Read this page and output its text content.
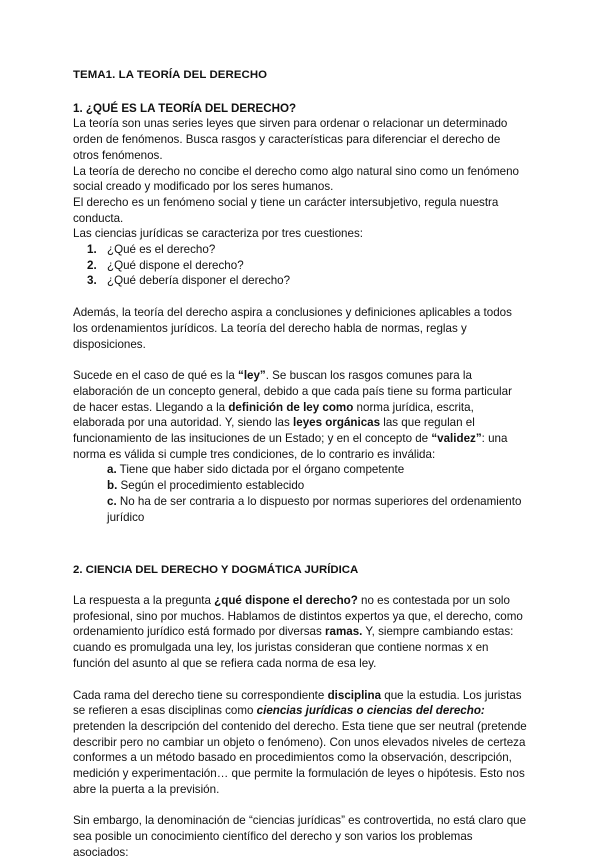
TEMA1. LA TEORÍA DEL DERECHO
1. ¿QUÉ ES LA TEORÍA DEL DERECHO?

La teoría son unas series leyes que sirven para ordenar o relacionar un determinado orden de fenómenos. Busca rasgos y características para diferenciar el derecho de otros fenómenos.

La teoría de derecho no concibe el derecho como algo natural sino como un fenómeno social creado y modificado por los seres humanos.

El derecho es un fenómeno social y tiene un carácter intersubjetivo, regula nuestra conducta.

Las ciencias jurídicas se caracteriza por tres cuestiones:

1. ¿Qué es el derecho?
2. ¿Qué dispone el derecho?
3. ¿Qué debería disponer el derecho?

Además, la teoría del derecho aspira a conclusiones y definiciones aplicables a todos los ordenamientos jurídicos. La teoría del derecho habla de normas, reglas y disposiciones.

Sucede en el caso de qué es la “ley”. Se buscan los rasgos comunes para la elaboración de un concepto general, debido a que cada país tiene su forma particular de hacer estas. Llegando a la definición de ley como norma jurídica, escrita, elaborada por una autoridad. Y, siendo las leyes orgánicas las que regulan el funcionamiento de las insituciones de un Estado; y en el concepto de “validez”: una norma es válida si cumple tres condiciones, de lo contrario es inválida:

a. Tiene que haber sido dictada por el órgano competente
b. Según el procedimiento establecido
c. No ha de ser contraria a lo dispuesto por normas superiores del ordenamiento jurídico
2. CIENCIA DEL DERECHO Y DOGMÁTICA JURÍDICA

La respuesta a la pregunta ¿qué dispone el derecho? no es contestada por un solo profesional, sino por muchos. Hablamos de distintos expertos ya que, el derecho, como ordenamiento jurídico está formado por diversas ramas. Y, siempre cambiando estas: cuando es promulgada una ley, los juristas consideran que contiene normas x en función del asunto al que se refiera cada norma de esa ley.

Cada rama del derecho tiene su correspondiente disciplina que la estudia. Los juristas se refieren a esas disciplinas como ciencias jurídicas o ciencias del derecho: pretenden la descripción del contenido del derecho. Esta tiene que ser neutral (pretende describir pero no cambiar un objeto o fenómeno). Con unos elevados niveles de certeza conformes a un método basado en procedimientos como la observación, descripción, medición y experimentación… que permite la formulación de leyes o hipótesis. Esto nos abre la puerta a la previsión.

Sin embargo, la denominación de “ciencias jurídicas” es controvertida, no está claro que sea posible un conocimiento científico del derecho y son varios los problemas asociados:
